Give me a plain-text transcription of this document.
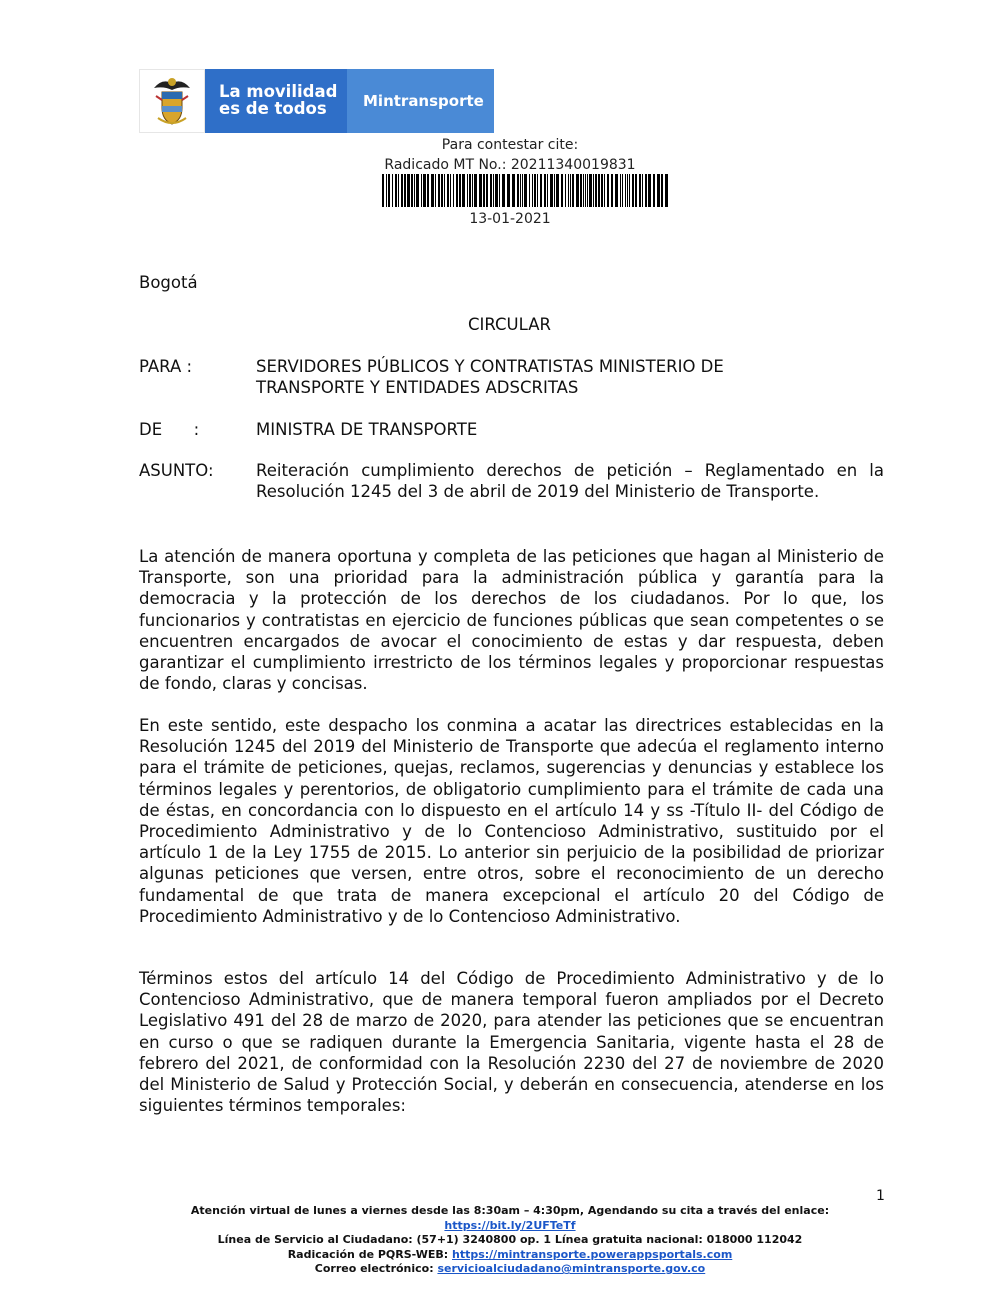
La movilidad
es de todos	Mintransporte
Para contestar cite:
Radicado MT No.: 20211340019831
13-01-2021
Bogotá
CIRCULAR
PARA :	SERVIDORES PÚBLICOS Y CONTRATISTAS MINISTERIO DE
TRANSPORTE Y ENTIDADES ADSCRITAS
DE      :	MINISTRA DE TRANSPORTE
ASUNTO:	Reiteración cumplimiento derechos de petición – Reglamentado en la Resolución 1245 del 3 de abril de 2019 del Ministerio de Transporte.

La atención de manera oportuna y completa de las peticiones que hagan al Ministerio de Transporte, son una prioridad para la administración pública y garantía para la democracia y la protección de los derechos de los ciudadanos. Por lo que, los funcionarios y contratistas en ejercicio de funciones públicas que sean competentes o se encuentren encargados de avocar el conocimiento de estas y dar respuesta, deben garantizar el cumplimiento irrestricto de los términos legales y proporcionar respuestas de fondo, claras y concisas.

En este sentido, este despacho los conmina a acatar las directrices establecidas en la Resolución 1245 del 2019 del Ministerio de Transporte que adecúa el reglamento interno para el trámite de peticiones, quejas, reclamos, sugerencias y denuncias y establece los términos legales y perentorios, de obligatorio cumplimiento para el trámite de cada una de éstas, en concordancia con lo dispuesto en el artículo 14 y ss -Título II- del Código de Procedimiento Administrativo y de lo Contencioso Administrativo, sustituido por el artículo 1 de la Ley 1755 de 2015. Lo anterior sin perjuicio de la posibilidad de priorizar algunas peticiones que versen, entre otros, sobre el reconocimiento de un derecho fundamental de que trata de manera excepcional el artículo 20 del Código de Procedimiento Administrativo y de lo Contencioso Administrativo.

Términos estos del artículo 14 del Código de Procedimiento Administrativo y de lo Contencioso Administrativo, que de manera temporal fueron ampliados por el Decreto Legislativo 491 del 28 de marzo de 2020, para atender las peticiones que se encuentran en curso o que se radiquen durante la Emergencia Sanitaria, vigente hasta el 28 de febrero del 2021, de conformidad con la Resolución 2230 del 27 de noviembre de 2020 del Ministerio de Salud y Protección Social, y deberán en consecuencia, atenderse en los siguientes términos temporales:

1
Atención virtual de lunes a viernes desde las 8:30am – 4:30pm, Agendando su cita a través del enlace: https://bit.ly/2UFTeTf
Línea de Servicio al Ciudadano: (57+1) 3240800 op. 1 Línea gratuita nacional: 018000 112042
Radicación de PQRS-WEB: https://mintransporte.powerappsportals.com
Correo electrónico: servicioalciudadano@mintransporte.gov.co
